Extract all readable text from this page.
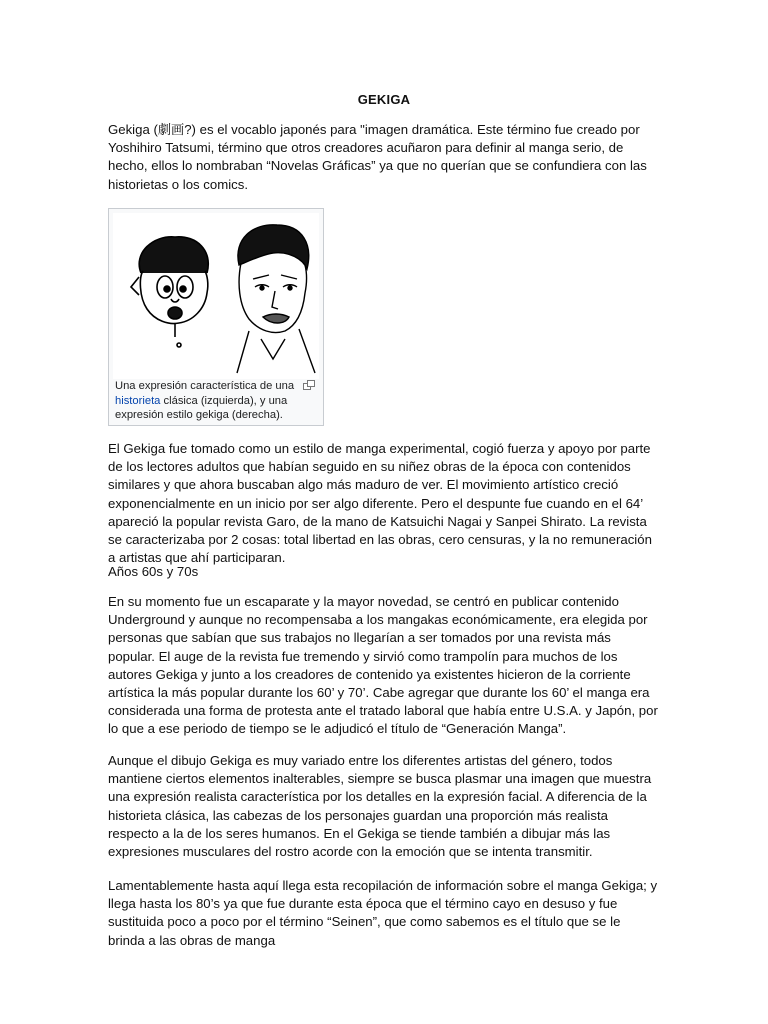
GEKIGA

Gekiga (劇画?) es el vocablo japonés para "imagen dramática. Este término fue creado por Yoshihiro Tatsumi, término que otros creadores acuñaron para definir al manga serio, de hecho, ellos lo nombraban “Novelas Gráficas” ya que no querían que se confundiera con las historietas o los comics.

Una expresión característica de una historieta clásica (izquierda), y una expresión estilo gekiga (derecha).

El Gekiga fue tomado como un estilo de manga experimental, cogió fuerza y apoyo por parte de los lectores adultos que habían seguido en su niñez obras de la época con contenidos similares y que ahora buscaban algo más maduro de ver. El movimiento artístico creció exponencialmente en un inicio por ser algo diferente. Pero el despunte fue cuando en el 64’ apareció la popular revista Garo, de la mano de Katsuichi Nagai y Sanpei Shirato. La revista se caracterizaba por 2 cosas: total libertad en las obras, cero censuras, y la no remuneración a artistas que ahí participaran.

Años 60s y 70s

En su momento fue un escaparate y la mayor novedad, se centró en publicar contenido Underground y aunque no recompensaba a los mangakas económicamente, era elegida por personas que sabían que sus trabajos no llegarían a ser tomados por una revista más popular. El auge de la revista fue tremendo y sirvió como trampolín para muchos de los autores Gekiga y junto a los creadores de contenido ya existentes hicieron de la corriente artística la más popular durante los 60’ y 70’. Cabe agregar que durante los 60’ el manga era considerada una forma de protesta ante el tratado laboral que había entre U.S.A. y Japón, por lo que a ese periodo de tiempo se le adjudicó el título de “Generación Manga”.

Aunque el dibujo Gekiga es muy variado entre los diferentes artistas del género, todos mantiene ciertos elementos inalterables, siempre se busca plasmar una imagen que muestra una expresión realista característica por los detalles en la expresión facial. A diferencia de la historieta clásica, las cabezas de los personajes guardan una proporción más realista respecto a la de los seres humanos. En el Gekiga se tiende también a dibujar más las expresiones musculares del rostro acorde con la emoción que se intenta transmitir.

Lamentablemente hasta aquí llega esta recopilación de información sobre el manga Gekiga; y llega hasta los 80’s ya que fue durante esta época que el término cayo en desuso y fue sustituida poco a poco por el término “Seinen”, que como sabemos es el título que se le brinda a las obras de manga
